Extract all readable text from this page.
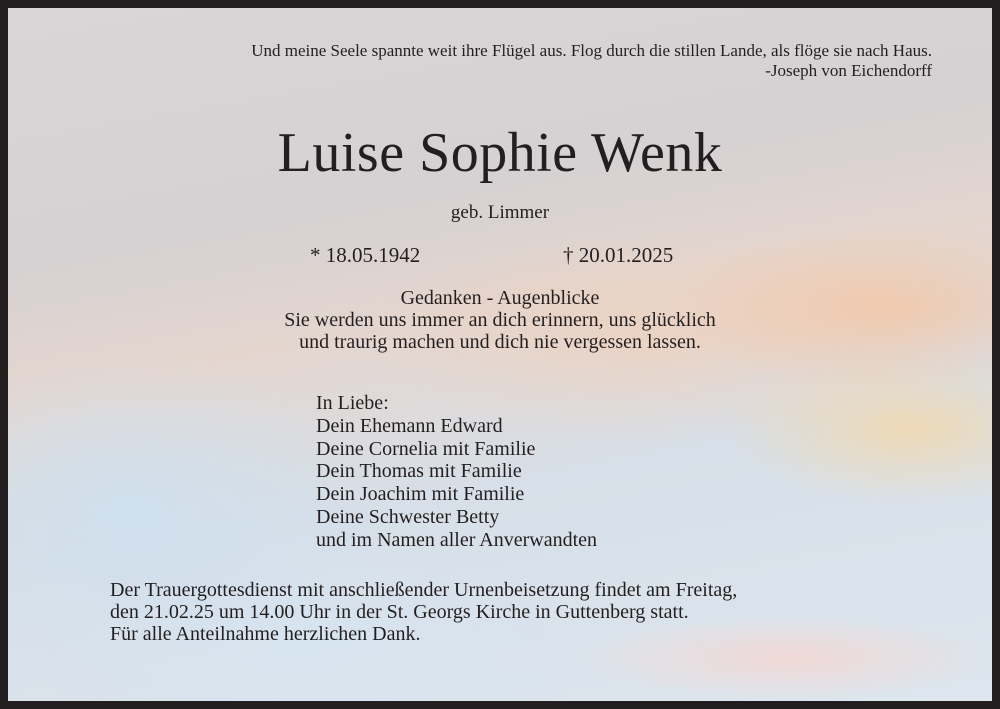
Und meine Seele spannte weit ihre Flügel aus. Flog durch die stillen Lande, als flöge sie nach Haus.
-Joseph von Eichendorff
Luise Sophie Wenk
geb. Limmer
* 18.05.1942	† 20.01.2025
Gedanken - Augenblicke
Sie werden uns immer an dich erinnern, uns glücklich
und traurig machen und dich nie vergessen lassen.
In Liebe:
Dein Ehemann Edward
Deine Cornelia mit Familie
Dein Thomas mit Familie
Dein Joachim mit Familie
Deine Schwester Betty
und im Namen aller Anverwandten
Der Trauergottesdienst mit anschließender Urnenbeisetzung findet am Freitag,
den 21.02.25 um 14.00 Uhr in der St. Georgs Kirche in Guttenberg statt.
Für alle Anteilnahme herzlichen Dank.
